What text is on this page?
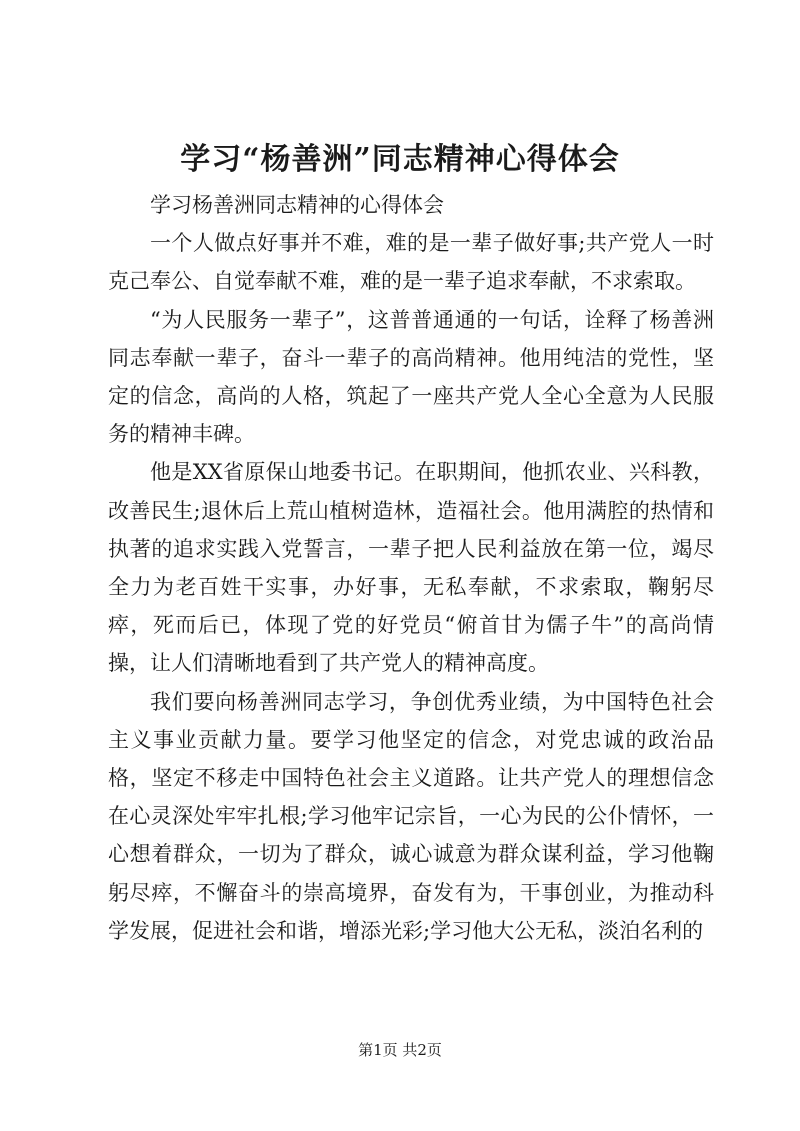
学习“杨善洲”同志精神心得体会

学习杨善洲同志精神的心得体会

一个人做点好事并不难，难的是一辈子做好事;共产党人一时克己奉公、自觉奉献不难，难的是一辈子追求奉献，不求索取。

“为人民服务一辈子”，这普普通通的一句话，诠释了杨善洲同志奉献一辈子，奋斗一辈子的高尚精神。他用纯洁的党性，坚定的信念，高尚的人格，筑起了一座共产党人全心全意为人民服务的精神丰碑。

他是XX省原保山地委书记。在职期间，他抓农业、兴科教，改善民生;退休后上荒山植树造林，造福社会。他用满腔的热情和执著的追求实践入党誓言，一辈子把人民利益放在第一位，竭尽全力为老百姓干实事，办好事，无私奉献，不求索取，鞠躬尽瘁，死而后已，体现了党的好党员“俯首甘为儒子牛”的高尚情操，让人们清晰地看到了共产党人的精神高度。

我们要向杨善洲同志学习，争创优秀业绩，为中国特色社会主义事业贡献力量。要学习他坚定的信念，对党忠诚的政治品格，坚定不移走中国特色社会主义道路。让共产党人的理想信念在心灵深处牢牢扎根;学习他牢记宗旨，一心为民的公仆情怀，一心想着群众，一切为了群众，诚心诚意为群众谋利益，学习他鞠躬尽瘁，不懈奋斗的崇高境界，奋发有为，干事创业，为推动科学发展，促进社会和谐，增添光彩;学习他大公无私，淡泊名利的

第1页 共2页
